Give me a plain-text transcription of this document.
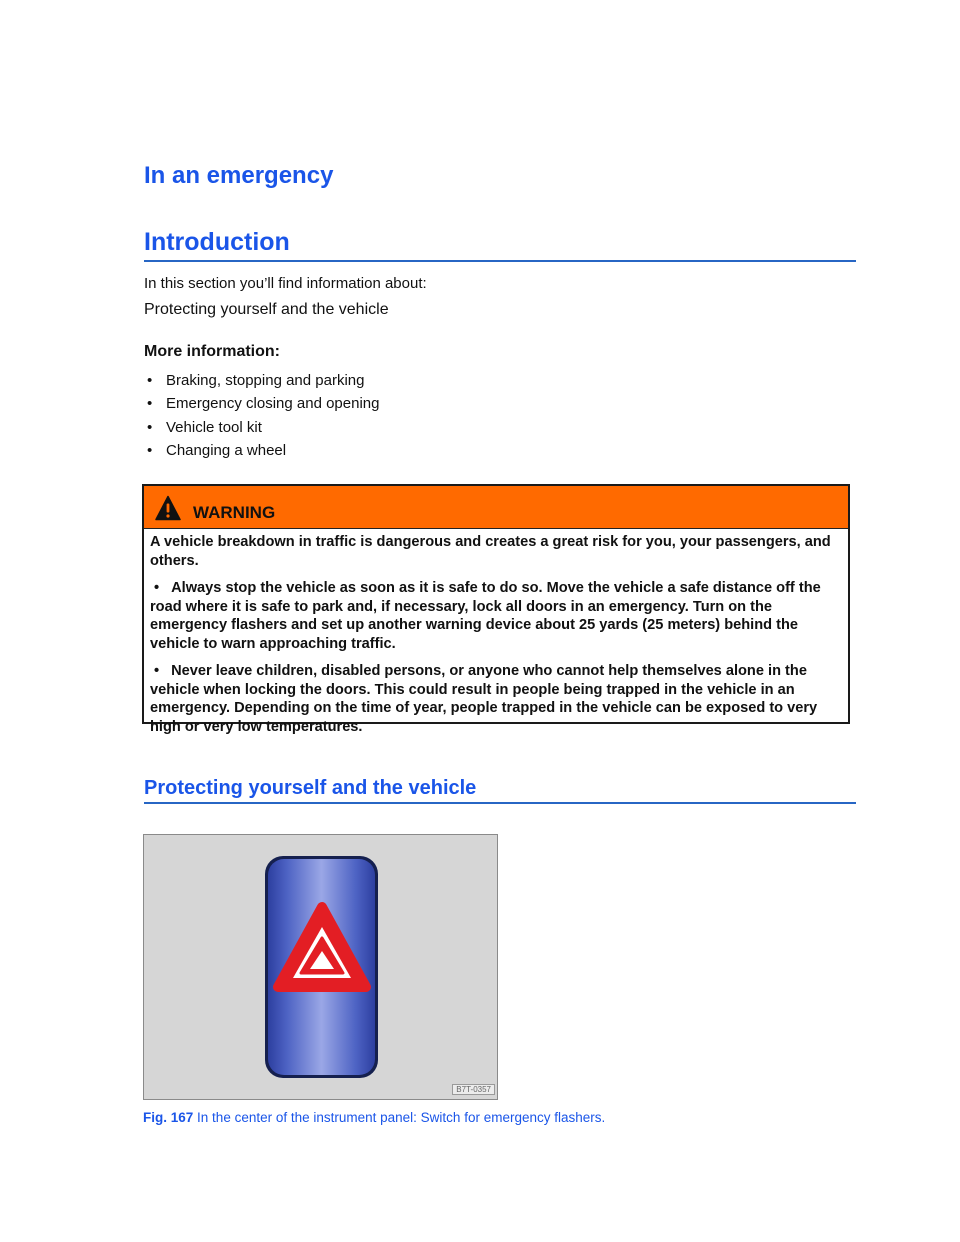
In an emergency
Introduction

In this section you’ll find information about:

Protecting yourself and the vehicle

More information:

• Braking, stopping and parking
• Emergency closing and opening
• Vehicle tool kit
• Changing a wheel
WARNING

A vehicle breakdown in traffic is dangerous and creates a great risk for you, your passengers, and others.

• Always stop the vehicle as soon as it is safe to do so. Move the vehicle a safe distance off the road where it is safe to park and, if necessary, lock all doors in an emergency. Turn on the emergency flashers and set up another warning device about 25 yards (25 meters) behind the vehicle to warn approaching traffic.

• Never leave children, disabled persons, or anyone who cannot help themselves alone in the vehicle when locking the doors. This could result in people being trapped in the vehicle in an emergency. Depending on the time of year, people trapped in the vehicle can be exposed to very high or very low temperatures.

Protecting yourself and the vehicle
B7T-0357

Fig. 167 In the center of the instrument panel: Switch for emergency flashers.
